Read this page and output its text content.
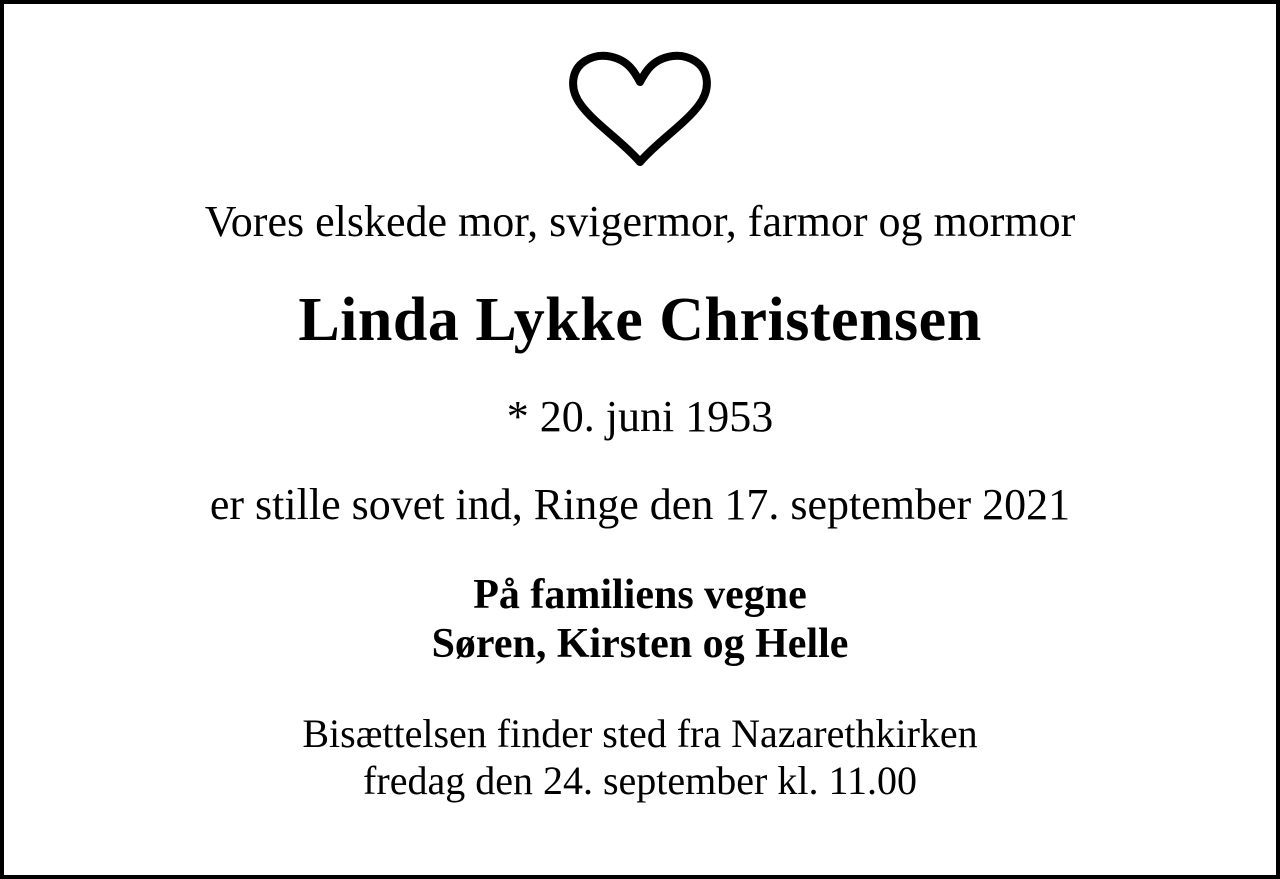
Vores elskede mor, svigermor, farmor og mormor
Linda Lykke Christensen
* 20. juni 1953
er stille sovet ind, Ringe den 17. september 2021
På familiens vegne
Søren, Kirsten og Helle
Bisættelsen finder sted fra Nazarethkirken
fredag den 24. september kl. 11.00
